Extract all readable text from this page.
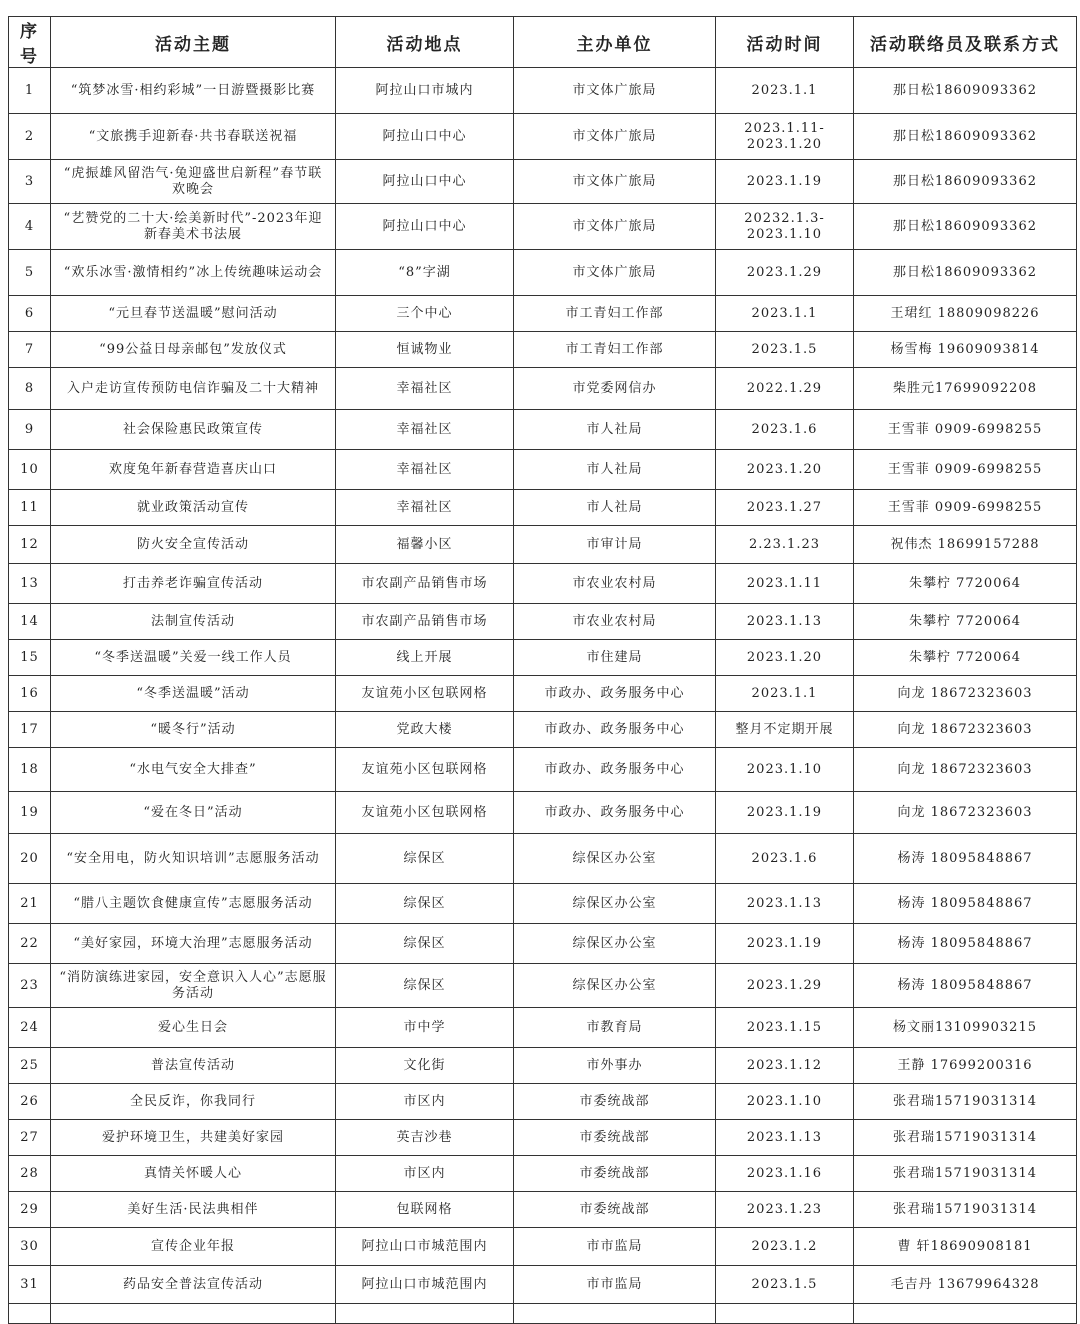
序号	活动主题	活动地点	主办单位	活动时间	活动联络员及联系方式
1	“筑梦冰雪·相约彩城”一日游暨摄影比赛	阿拉山口市城内	市文体广旅局	2023.1.1	那日松18609093362
2	“文旅携手迎新春·共书春联送祝福	阿拉山口中心	市文体广旅局	2023.1.11-2023.1.20	那日松18609093362
3	“虎振雄风留浩气·兔迎盛世启新程”春节联欢晚会	阿拉山口中心	市文体广旅局	2023.1.19	那日松18609093362
4	“艺赞党的二十大·绘美新时代”-2023年迎新春美术书法展	阿拉山口中心	市文体广旅局	20232.1.3-2023.1.10	那日松18609093362
5	“欢乐冰雪·激情相约”冰上传统趣味运动会	“8”字湖	市文体广旅局	2023.1.29	那日松18609093362
6	“元旦春节送温暖”慰问活动	三个中心	市工青妇工作部	2023.1.1	王珺红 18809098226
7	“99公益日母亲邮包”发放仪式	恒诚物业	市工青妇工作部	2023.1.5	杨雪梅 19609093814
8	入户走访宣传预防电信诈骗及二十大精神	幸福社区	市党委网信办	2022.1.29	柴胜元17699092208
9	社会保险惠民政策宣传	幸福社区	市人社局	2023.1.6	王雪菲 0909-6998255
10	欢度兔年新春营造喜庆山口	幸福社区	市人社局	2023.1.20	王雪菲 0909-6998255
11	就业政策活动宣传	幸福社区	市人社局	2023.1.27	王雪菲 0909-6998255
12	防火安全宣传活动	福馨小区	市审计局	2.23.1.23	祝伟杰 18699157288
13	打击养老诈骗宣传活动	市农副产品销售市场	市农业农村局	2023.1.11	朱攀柠 7720064
14	法制宣传活动	市农副产品销售市场	市农业农村局	2023.1.13	朱攀柠 7720064
15	“冬季送温暖”关爱一线工作人员	线上开展	市住建局	2023.1.20	朱攀柠 7720064
16	“冬季送温暖”活动	友谊苑小区包联网格	市政办、政务服务中心	2023.1.1	向龙 18672323603
17	“暖冬行”活动	党政大楼	市政办、政务服务中心	整月不定期开展	向龙 18672323603
18	“水电气安全大排查”	友谊苑小区包联网格	市政办、政务服务中心	2023.1.10	向龙 18672323603
19	“爱在冬日”活动	友谊苑小区包联网格	市政办、政务服务中心	2023.1.19	向龙 18672323603
20	“安全用电，防火知识培训”志愿服务活动	综保区	综保区办公室	2023.1.6	杨涛 18095848867
21	“腊八主题饮食健康宣传”志愿服务活动	综保区	综保区办公室	2023.1.13	杨涛 18095848867
22	“美好家园，环境大治理”志愿服务活动	综保区	综保区办公室	2023.1.19	杨涛 18095848867
23	“消防演练进家园，安全意识入人心”志愿服务活动	综保区	综保区办公室	2023.1.29	杨涛 18095848867
24	爱心生日会	市中学	市教育局	2023.1.15	杨文丽13109903215
25	普法宣传活动	文化街	市外事办	2023.1.12	王静 17699200316
26	全民反诈，你我同行	市区内	市委统战部	2023.1.10	张君瑞15719031314
27	爱护环境卫生，共建美好家园	英吉沙巷	市委统战部	2023.1.13	张君瑞15719031314
28	真情关怀暖人心	市区内	市委统战部	2023.1.16	张君瑞15719031314
29	美好生活·民法典相伴	包联网格	市委统战部	2023.1.23	张君瑞15719031314
30	宣传企业年报	阿拉山口市城范围内	市市监局	2023.1.2	曹 轩18690908181
31	药品安全普法宣传活动	阿拉山口市城范围内	市市监局	2023.1.5	毛吉丹 13679964328
